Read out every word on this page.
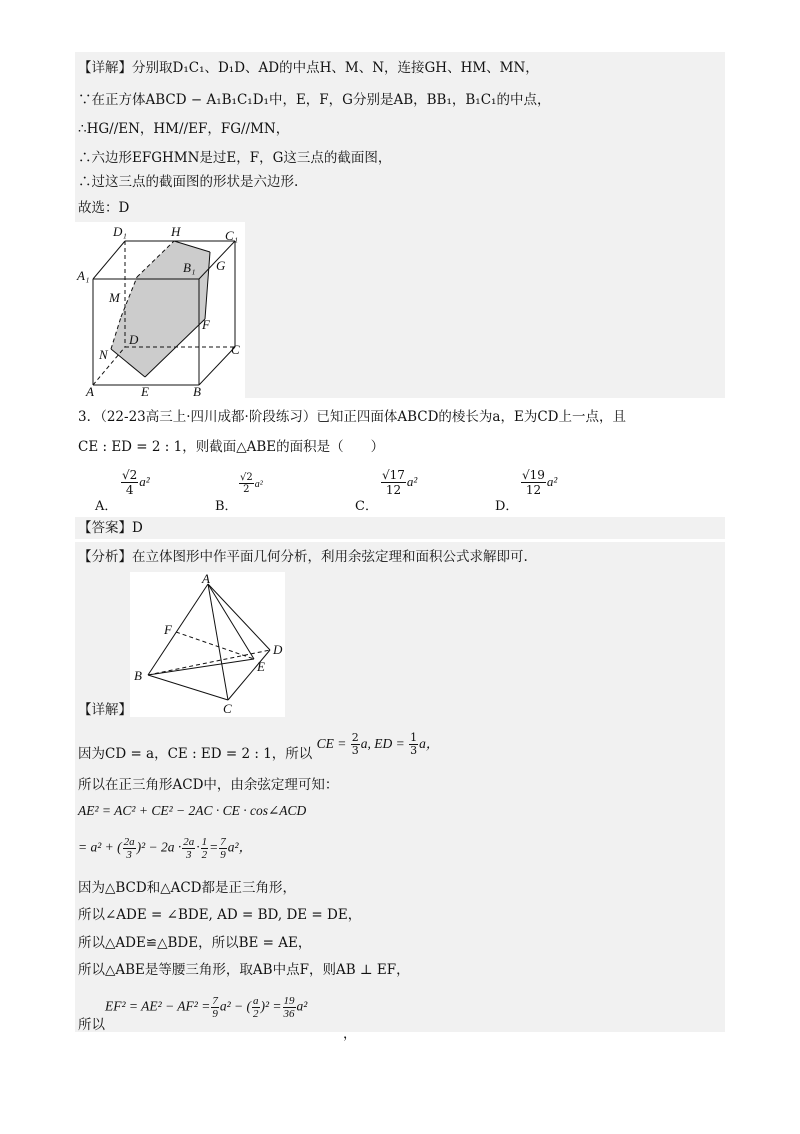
【详解】分别取D₁C₁、D₁D、AD的中点H、M、N，连接GH、HM、MN，
∵在正方体ABCD − A₁B₁C₁D₁中，E，F，G分别是AB，BB₁，B₁C₁的中点，
∴HG//EN，HM//EF，FG//MN，
∴六边形EFGHMN是过E，F，G这三点的截面图，
∴过这三点的截面图的形状是六边形.
故选：D
D₁	H	C₁
A₁
B₁ G
M
F
D
N	C
A	E	B
3．（22-23高三上·四川成都·阶段练习）已知正四面体ABCD的棱长为a，E为CD上一点，且
CE : ED = 2 : 1，则截面△ABE的面积是（　　）
A．
$\frac{√2}{4} a^2$
B．
$\frac{√2}{2} a^2$
C．
$\frac{√17}{12} a^2$
D．
$\frac{√19}{12} a^2$
【答案】D
【分析】在立体图形中作平面几何分析，利用余弦定理和面积公式求解即可.
A
F
D
E
B
C
【详解】
因为CD = a，CE : ED = 2 : 1，所以 CE = $\frac{2}{3} a$, ED = $\frac{1}{3}$ a，
所以在正三角形ACD中，由余弦定理可知：
AE² = AC² + CE² − 2AC · CE · cos∠ACD
= a² + ( $\frac{2a}{3} )^2 - 2a \cdot \frac{2a}{3} \cdot \frac{1}{2} = \frac{7}{9} a^2$，
因为△BCD和△ACD都是正三角形，
所以∠ADE = ∠BDE, AD = BD, DE = DE，
所以△ADE≌△BDE，所以BE = AE，
所以△ABE是等腰三角形，取AB中点F，则AB ⊥ EF，
$EF^2 = AE^2 - AF^2 = \frac{7}{9} a^2$ − ( $\frac{a}{2} )^2 = \frac{19}{36} a^2$
所以
，
